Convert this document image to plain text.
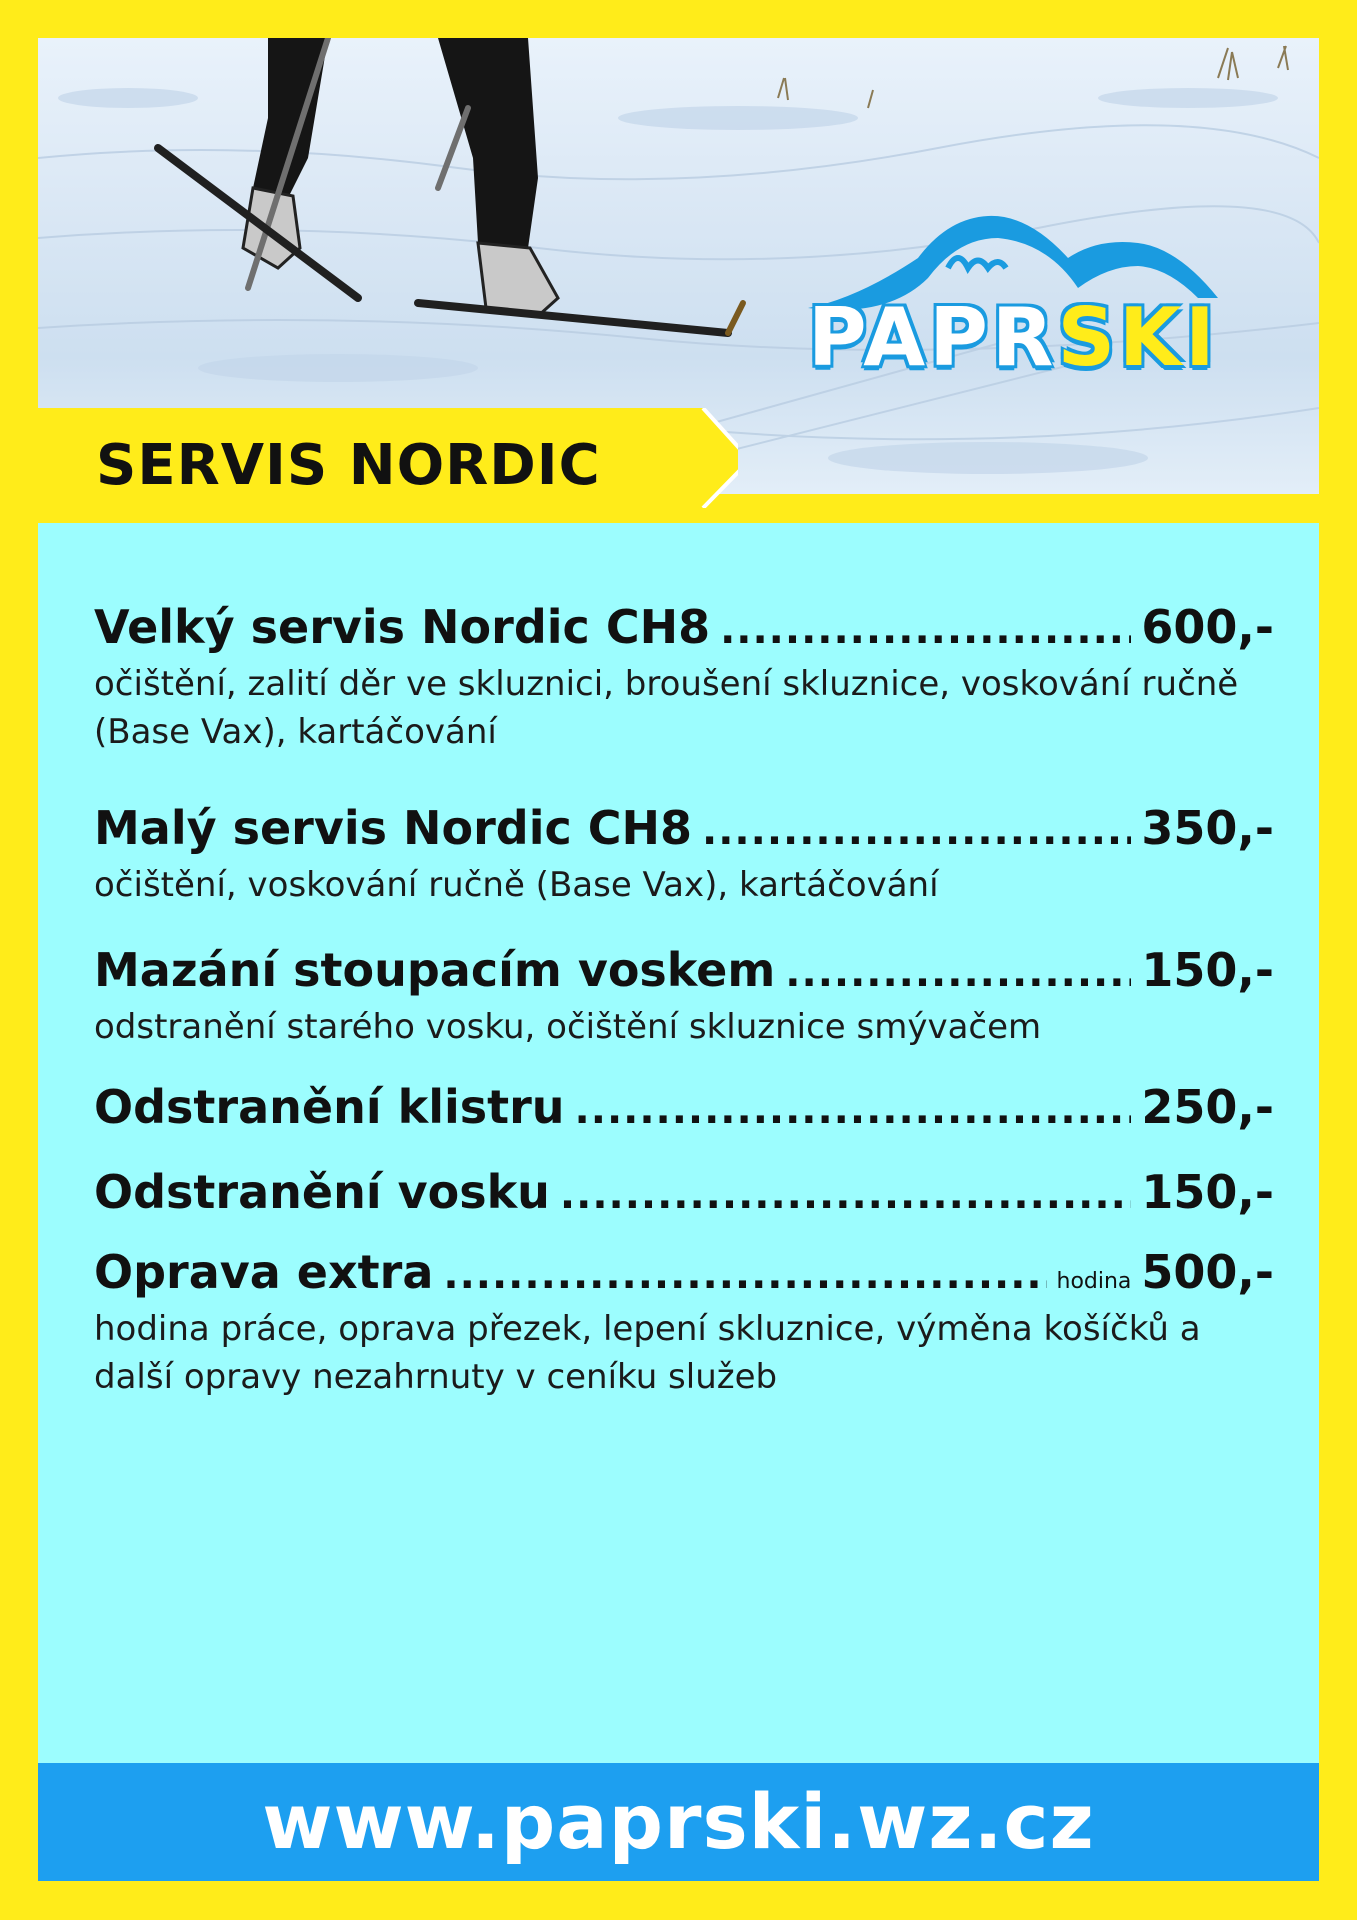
PAPRSKI
SERVIS NORDIC
Velký servis Nordic CH8 .....	600,-
očištění, zalití děr ve skluznici, broušení skluznice, voskování ručně (Base Vax), kartáčování
Malý servis Nordic CH8 .....	350,-
očištění, voskování ručně (Base Vax), kartáčování
Mazání stoupacím voskem .....	150,-
odstranění starého vosku, očištění skluznice smývačem
Odstranění klistru .....	250,-
Odstranění vosku .....	150,-
Oprava extra .....	hodina 500,-
hodina práce, oprava přezek, lepení skluznice, výměna košíčků a další opravy nezahrnuty v ceníku služeb
www.paprski.wz.cz
